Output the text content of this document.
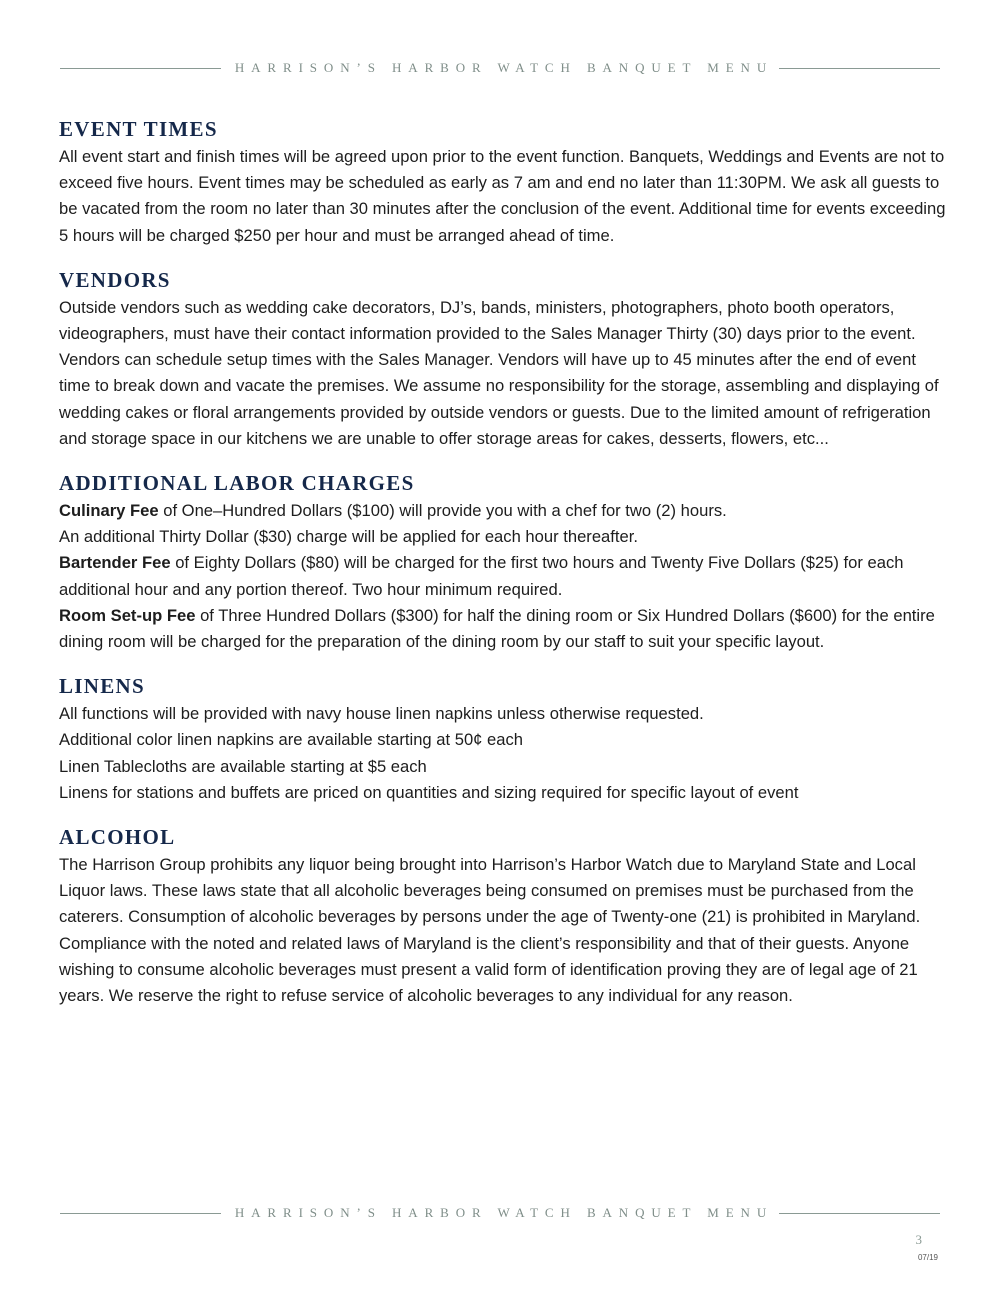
HARRISON’S HARBOR WATCH BANQUET MENU
EVENT TIMES

All event start and finish times will be agreed upon prior to the event function. Banquets, Weddings and Events are not to exceed five hours. Event times may be scheduled as early as 7 am and end no later than 11:30PM. We ask all guests to be vacated from the room no later than 30 minutes after the conclusion of the event. Additional time for events exceeding 5 hours will be charged $250 per hour and must be arranged ahead of time.

VENDORS

Outside vendors such as wedding cake decorators, DJ’s, bands, ministers, photographers, photo booth operators, videographers, must have their contact information provided to the Sales Manager Thirty (30) days prior to the event. Vendors can schedule setup times with the Sales Manager. Vendors will have up to 45 minutes after the end of event time to break down and vacate the premises. We assume no responsibility for the storage, assembling and displaying of wedding cakes or floral arrangements provided by outside vendors or guests. Due to the limited amount of refrigeration and storage space in our kitchens we are unable to offer storage areas for cakes, desserts, flowers, etc...

ADDITIONAL LABOR CHARGES

Culinary Fee of One–Hundred Dollars ($100) will provide you with a chef for two (2) hours.

An additional Thirty Dollar ($30) charge will be applied for each hour thereafter.

Bartender Fee of Eighty Dollars ($80) will be charged for the first two hours and Twenty Five Dollars ($25) for each additional hour and any portion thereof. Two hour minimum required.

Room Set-up Fee of Three Hundred Dollars ($300) for half the dining room or Six Hundred Dollars ($600) for the entire dining room will be charged for the preparation of the dining room by our staff to suit your specific layout.

LINENS

All functions will be provided with navy house linen napkins unless otherwise requested.

Additional color linen napkins are available starting at 50¢ each

Linen Tablecloths are available starting at $5 each

Linens for stations and buffets are priced on quantities and sizing required for specific layout of event

ALCOHOL

The Harrison Group prohibits any liquor being brought into Harrison’s Harbor Watch due to Maryland State and Local Liquor laws. These laws state that all alcoholic beverages being consumed on premises must be purchased from the caterers. Consumption of alcoholic beverages by persons under the age of Twenty-one (21) is prohibited in Maryland. Compliance with the noted and related laws of Maryland is the client’s responsibility and that of their guests. Anyone wishing to consume alcoholic beverages must present a valid form of identification proving they are of legal age of 21 years. We reserve the right to refuse service of alcoholic beverages to any individual for any reason.

HARRISON’S HARBOR WATCH BANQUET MENU
3
07/19
